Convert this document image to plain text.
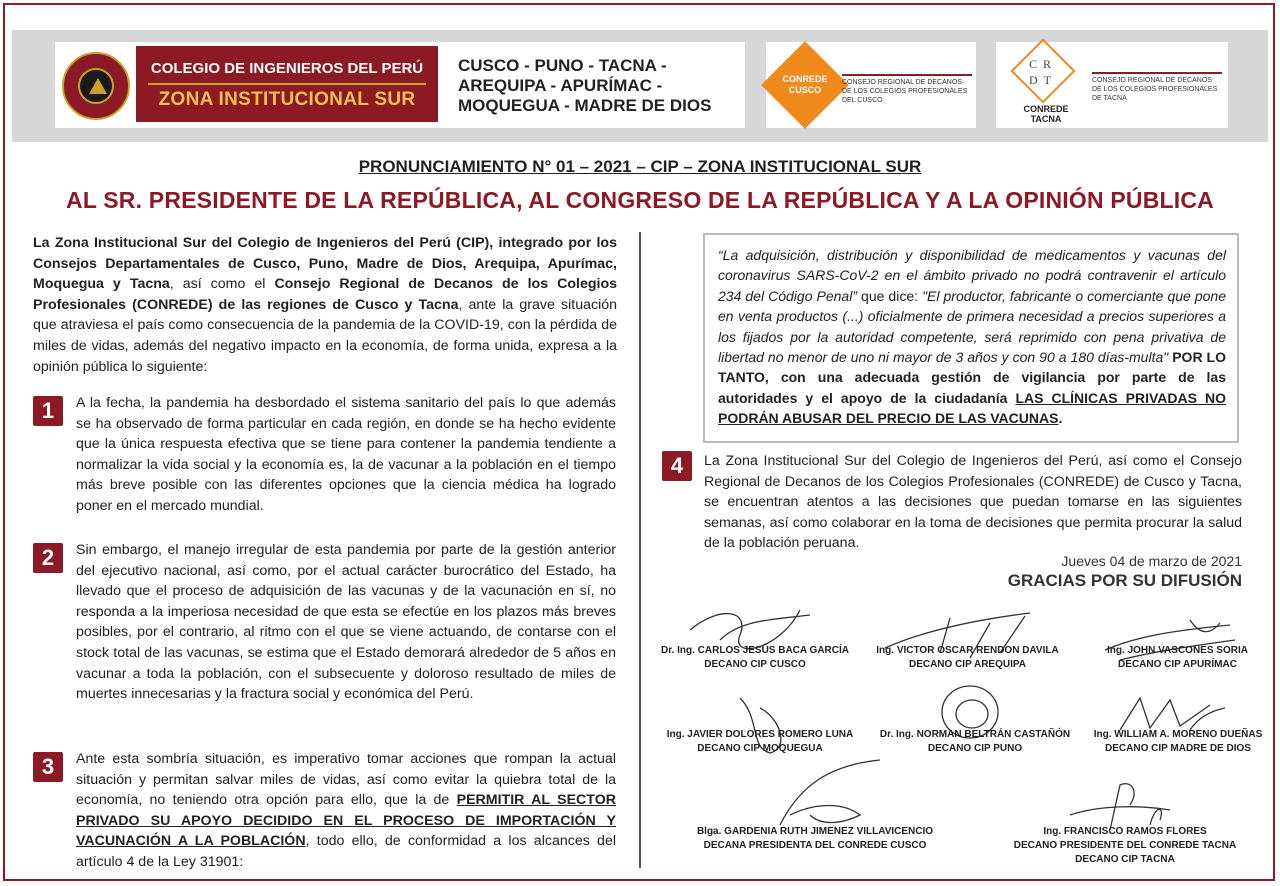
COLEGIO DE INGENIEROS DEL PERÚ
ZONA INSTITUCIONAL SUR
CUSCO - PUNO - TACNA -
AREQUIPA - APURÍMAC -
MOQUEGUA - MADRE DE DIOS
CONREDE
CUSCO
CONSEJO REGIONAL DE DECANOS DE LOS COLEGIOS PROFESIONALES DEL CUSCO
CR
DT
CONREDE TACNA
CONSEJO REGIONAL DE DECANOS DE LOS COLEGIOS PROFESIONALES DE TACNA
PRONUNCIAMIENTO N° 01 – 2021 – CIP – ZONA INSTITUCIONAL SUR
AL SR. PRESIDENTE DE LA REPÚBLICA, AL CONGRESO DE LA REPÚBLICA Y A LA OPINIÓN PÚBLICA
La Zona Institucional Sur del Colegio de Ingenieros del Perú (CIP), integrado por los Consejos Departamentales de Cusco, Puno, Madre de Dios, Arequipa, Apurímac, Moquegua y Tacna, así como el Consejo Regional de Decanos de los Colegios Profesionales (CONREDE) de las regiones de Cusco y Tacna, ante la grave situación que atraviesa el país como consecuencia de la pandemia de la COVID-19, con la pérdida de miles de vidas, además del negativo impacto en la economía, de forma unida, expresa a la opinión pública lo siguiente:
1	A la fecha, la pandemia ha desbordado el sistema sanitario del país lo que además se ha observado de forma particular en cada región, en donde se ha hecho evidente que la única respuesta efectiva que se tiene para contener la pandemia tendiente a normalizar la vida social y la economía es, la de vacunar a la población en el tiempo más breve posible con las diferentes opciones que la ciencia médica ha logrado poner en el mercado mundial.
2	Sin embargo, el manejo irregular de esta pandemia por parte de la gestión anterior del ejecutivo nacional, así como, por el actual carácter burocrático del Estado, ha llevado que el proceso de adquisición de las vacunas y de la vacunación en sí, no responda a la imperiosa necesidad de que esta se efectúe en los plazos más breves posibles, por el contrario, al ritmo con el que se viene actuando, de contarse con el stock total de las vacunas, se estima que el Estado demorará alrededor de 5 años en vacunar a toda la población, con el subsecuente y doloroso resultado de miles de muertes innecesarias y la fractura social y económica del Perú.
3	Ante esta sombría situación, es imperativo tomar acciones que rompan la actual situación y permitan salvar miles de vidas, así como evitar la quiebra total de la economía, no teniendo otra opción para ello, que la de PERMITIR AL SECTOR PRIVADO SU APOYO DECIDIDO EN EL PROCESO DE IMPORTACIÓN Y VACUNACIÓN A LA POBLACIÓN, todo ello, de conformidad a los alcances del artículo 4 de la Ley 31901:
“La adquisición, distribución y disponibilidad de medicamentos y vacunas del coronavirus SARS-CoV-2 en el ámbito privado no podrá contravenir el artículo 234 del Código Penal” que dice: "El productor, fabricante o comerciante que pone en venta productos (...) oficialmente de primera necesidad a precios superiores a los fijados por la autoridad competente, será reprimido con pena privativa de libertad no menor de uno ni mayor de 3 años y con 90 a 180 días-multa" POR LO TANTO, con una adecuada gestión de vigilancia por parte de las autoridades y el apoyo de la ciudadanía LAS CLÍNICAS PRIVADAS NO PODRÁN ABUSAR DEL PRECIO DE LAS VACUNAS.
4	La Zona Institucional Sur del Colegio de Ingenieros del Perú, así como el Consejo Regional de Decanos de los Colegios Profesionales (CONREDE) de Cusco y Tacna, se encuentran atentos a las decisiones que puedan tomarse en las siguientes semanas, así como colaborar en la toma de decisiones que permita procurar la salud de la población peruana.
Jueves 04 de marzo de 2021
GRACIAS POR SU DIFUSIÓN
Dr. Ing. CARLOS JESÚS BACA GARCÍA
DECANO CIP CUSCO
Ing. VICTOR OSCAR RENDON DAVILA
DECANO CIP AREQUIPA
Ing. JOHN VASCONES SORIA
DECANO CIP APURÍMAC
Ing. JAVIER DOLORES ROMERO LUNA
DECANO CIP MOQUEGUA
Dr. Ing. NORMAN BELTRÁN CASTAÑÓN
DECANO CIP PUNO
Ing. WILLIAM A. MORENO DUEÑAS
DECANO CIP MADRE DE DIOS
Blga. GARDENIA RUTH JIMENEZ VILLAVICENCIO
DECANA PRESIDENTA DEL CONREDE CUSCO
Ing. FRANCISCO RAMOS FLORES
DECANO PRESIDENTE DEL CONREDE TACNA
DECANO CIP TACNA
